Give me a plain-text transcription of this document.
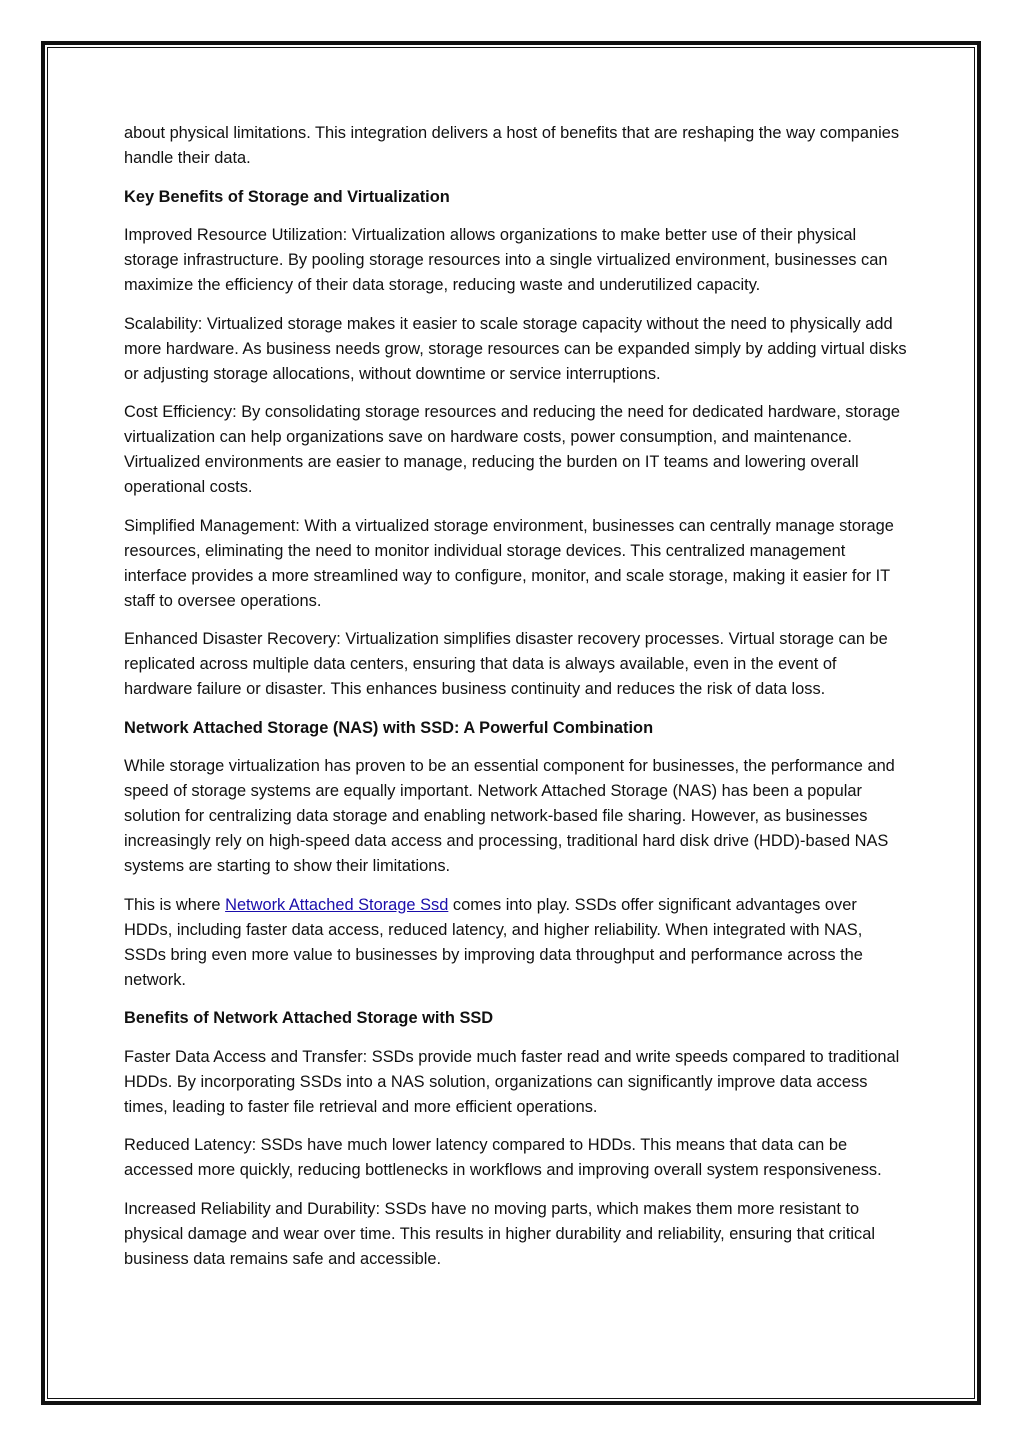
about physical limitations. This integration delivers a host of benefits that are reshaping the way companies handle their data.

Key Benefits of Storage and Virtualization

Improved Resource Utilization: Virtualization allows organizations to make better use of their physical storage infrastructure. By pooling storage resources into a single virtualized environment, businesses can maximize the efficiency of their data storage, reducing waste and underutilized capacity.

Scalability: Virtualized storage makes it easier to scale storage capacity without the need to physically add more hardware. As business needs grow, storage resources can be expanded simply by adding virtual disks or adjusting storage allocations, without downtime or service interruptions.

Cost Efficiency: By consolidating storage resources and reducing the need for dedicated hardware, storage virtualization can help organizations save on hardware costs, power consumption, and maintenance. Virtualized environments are easier to manage, reducing the burden on IT teams and lowering overall operational costs.

Simplified Management: With a virtualized storage environment, businesses can centrally manage storage resources, eliminating the need to monitor individual storage devices. This centralized management interface provides a more streamlined way to configure, monitor, and scale storage, making it easier for IT staff to oversee operations.

Enhanced Disaster Recovery: Virtualization simplifies disaster recovery processes. Virtual storage can be replicated across multiple data centers, ensuring that data is always available, even in the event of hardware failure or disaster. This enhances business continuity and reduces the risk of data loss.

Network Attached Storage (NAS) with SSD: A Powerful Combination

While storage virtualization has proven to be an essential component for businesses, the performance and speed of storage systems are equally important. Network Attached Storage (NAS) has been a popular solution for centralizing data storage and enabling network-based file sharing. However, as businesses increasingly rely on high-speed data access and processing, traditional hard disk drive (HDD)-based NAS systems are starting to show their limitations.

This is where Network Attached Storage Ssd comes into play. SSDs offer significant advantages over HDDs, including faster data access, reduced latency, and higher reliability. When integrated with NAS, SSDs bring even more value to businesses by improving data throughput and performance across the network.

Benefits of Network Attached Storage with SSD

Faster Data Access and Transfer: SSDs provide much faster read and write speeds compared to traditional HDDs. By incorporating SSDs into a NAS solution, organizations can significantly improve data access times, leading to faster file retrieval and more efficient operations.

Reduced Latency: SSDs have much lower latency compared to HDDs. This means that data can be accessed more quickly, reducing bottlenecks in workflows and improving overall system responsiveness.

Increased Reliability and Durability: SSDs have no moving parts, which makes them more resistant to physical damage and wear over time. This results in higher durability and reliability, ensuring that critical business data remains safe and accessible.
